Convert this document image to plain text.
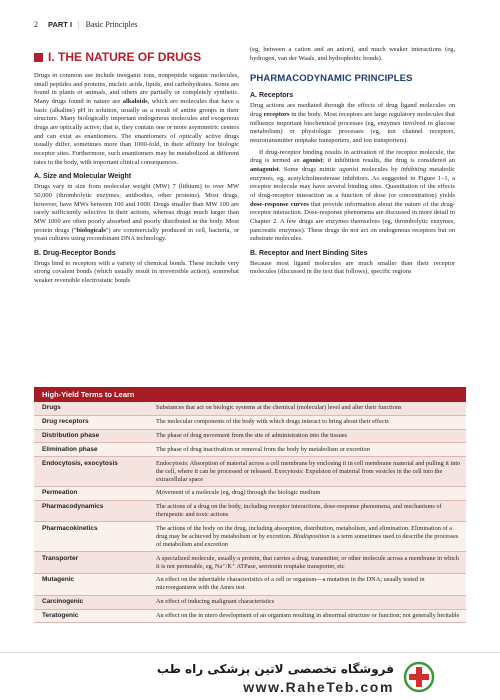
2 PART I | Basic Principles
I. THE NATURE OF DRUGS

Drugs in common use include inorganic ions, nonpeptide organic molecules, small peptides and proteins, nucleic acids, lipids, and carbohydrates. Some are found in plants or animals, and others are partially or completely synthetic. Many drugs found in nature are alkaloids, which are molecules that have a basic (alkaline) pH in solution, usually as a result of amine groups in their structure. Many biologically important endogenous molecules and exogenous drugs are optically active; that is, they contain one or more asymmetric centers and can exist as enantiomers. The enantiomers of optically active drugs usually differ, sometimes more than 1000-fold, in their affinity for biologic receptor sites. Furthermore, such enantiomers may be metabolized at different rates in the body, with important clinical consequences.

A. Size and Molecular Weight

Drugs vary in size from molecular weight (MW) 7 (lithium) to over MW 50,000 (thrombolytic enzymes, antibodies, other proteins). Most drugs, however, have MWs between 100 and 1000. Drugs smaller than MW 100 are rarely sufficiently selective in their actions, whereas drugs much larger than MW 1000 are often poorly absorbed and poorly distributed in the body. Most protein drugs ("biologicals") are commercially produced in cell, bacteria, or yeast cultures using recombinant DNA technology.

B. Drug-Receptor Bonds

Drugs bind to receptors with a variety of chemical bonds. These include very strong covalent bonds (which usually result in irreversible action), somewhat weaker reversible electrostatic bonds

(eg, between a cation and an anion), and much weaker interactions (eg, hydrogen, van der Waals, and hydrophobic bonds).

PHARMACODYNAMIC PRINCIPLES
A. Receptors

Drug actions are mediated through the effects of drug ligand molecules on drug receptors in the body. Most receptors are large regulatory molecules that influence important biochemical processes (eg, enzymes involved in glucose metabolism) or physiologic processes (eg, ion channel receptors, neurotransmitter reuptake transporters, and ion transporters).

If drug-receptor binding results in activation of the receptor molecule, the drug is termed an agonist; if inhibition results, the drug is considered an antagonist. Some drugs mimic agonist molecules by inhibiting metabolic enzymes, eg, acetylcholinesterase inhibitors. As suggested in Figure 1–1, a receptor molecule may have several binding sites. Quantitation of the effects of drug-receptor interaction as a function of dose (or concentration) yields dose-response curves that provide information about the nature of the drug-receptor interaction. Dose-response phenomena are discussed in more detail in Chapter 2. A few drugs are enzymes themselves (eg, thrombolytic enzymes, pancreatic enzymes). These drugs do not act on endogenous receptors but on substrate molecules.

B. Receptor and Inert Binding Sites

Because most ligand molecules are much smaller than their receptor molecules (discussed in the text that follows), specific regions

High-Yield Terms to Learn
Drugs	Substances that act on biologic systems at the chemical (molecular) level and alter their functions
Drug receptors	The molecular components of the body with which drugs interact to bring about their effects
Distribution phase	The phase of drug movement from the site of administration into the tissues
Elimination phase	The phase of drug inactivation or removal from the body by metabolism or excretion
Endocytosis, exocytosis	Endocytosis: Absorption of material across a cell membrane by enclosing it in cell membrane material and pulling it into the cell, where it can be processed or released. Exocytosis: Expulsion of material from vesicles in the cell into the extracellular space
Permeation	Movement of a molecule (eg, drug) through the biologic medium
Pharmacodynamics	The actions of a drug on the body, including receptor interactions, dose-response phenomena, and mechanisms of therapeutic and toxic actions
Pharmacokinetics	The actions of the body on the drug, including absorption, distribution, metabolism, and elimination. Elimination of a drug may be achieved by metabolism or by excretion. Biodisposition is a term sometimes used to describe the processes of metabolism and excretion
Transporter	A specialized molecule, usually a protein, that carries a drug, transmitter, or other molecule across a membrane in which it is not permeable, eg, Na⁺/K⁺ ATPase, serotonin reuptake transporter, etc
Mutagenic	An effect on the inheritable characteristics of a cell or organism—a mutation in the DNA; usually tested in microorganisms with the Ames test
Carcinogenic	An effect of inducing malignant characteristics
Teratogenic	An effect on the in utero development of an organism resulting in abnormal structure or function; not generally heritable
فروشگاه تخصصی لاتین پزشکی راه طب
www.RaheTeb.com
